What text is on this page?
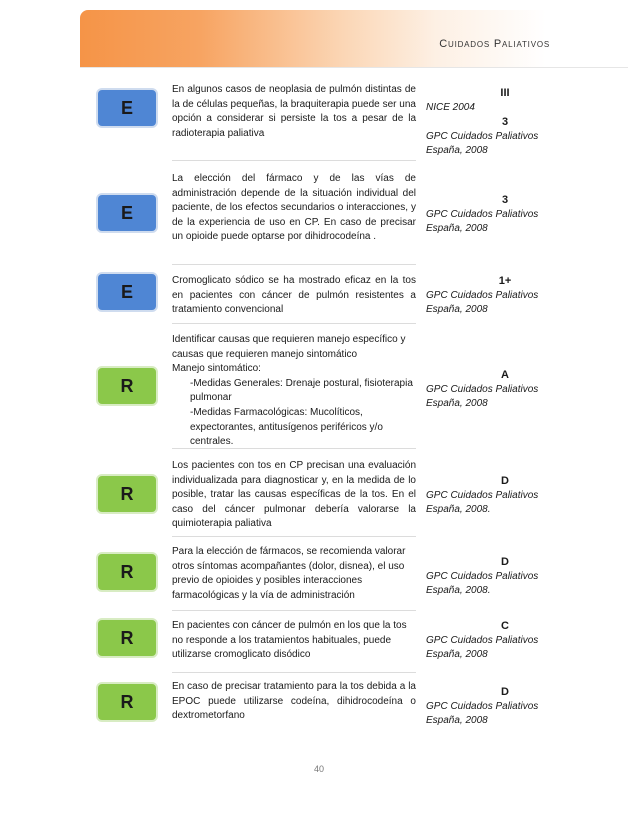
Cuidados Paliativos
E
En algunos casos de neoplasia de pulmón distintas de la de células pequeñas, la braquiterapia puede ser una opción a considerar si persiste la tos a pesar de la radioterapia paliativa
III
NICE 2004
3
GPC Cuidados Paliativos España, 2008
E
La elección del fármaco y de las vías de administración depende de la situación individual del paciente, de los efectos secundarios o interacciones, y de la experiencia de uso en CP. En caso de precisar un opioide puede optarse por dihidrocodeína .
3
GPC Cuidados Paliativos España, 2008
E
Cromoglicato sódico se ha mostrado eficaz en la tos en pacientes con cáncer de pulmón resistentes a tratamiento convencional
1+
GPC Cuidados Paliativos España, 2008
R
Identificar causas que requieren manejo específico y causas que requieren manejo sintomático
Manejo sintomático:
-Medidas Generales: Drenaje postural, fisioterapia pulmonar
-Medidas Farmacológicas: Mucolíticos, expectorantes, antitusígenos periféricos y/o centrales.
A
GPC Cuidados Paliativos España, 2008
R
Los pacientes con tos en CP precisan una evaluación individualizada para diagnosticar y, en la medida de lo posible, tratar las causas específicas de la tos. En el caso del cáncer pulmonar debería valorarse la quimioterapia paliativa
D
GPC Cuidados Paliativos España, 2008.
R
Para la elección de fármacos, se recomienda valorar otros síntomas acompañantes (dolor, disnea), el uso previo de opioides y posibles interacciones farmacológicas y la vía de administración
D
GPC Cuidados Paliativos España, 2008.
R
En pacientes con cáncer de pulmón en los que la tos no responde a los tratamientos habituales, puede utilizarse cromoglicato disódico
C
GPC Cuidados Paliativos España, 2008
R
En caso de precisar tratamiento para la tos debida a la EPOC puede utilizarse codeína, dihidrocodeína o dextrometorfano
D
GPC Cuidados Paliativos España, 2008
40
